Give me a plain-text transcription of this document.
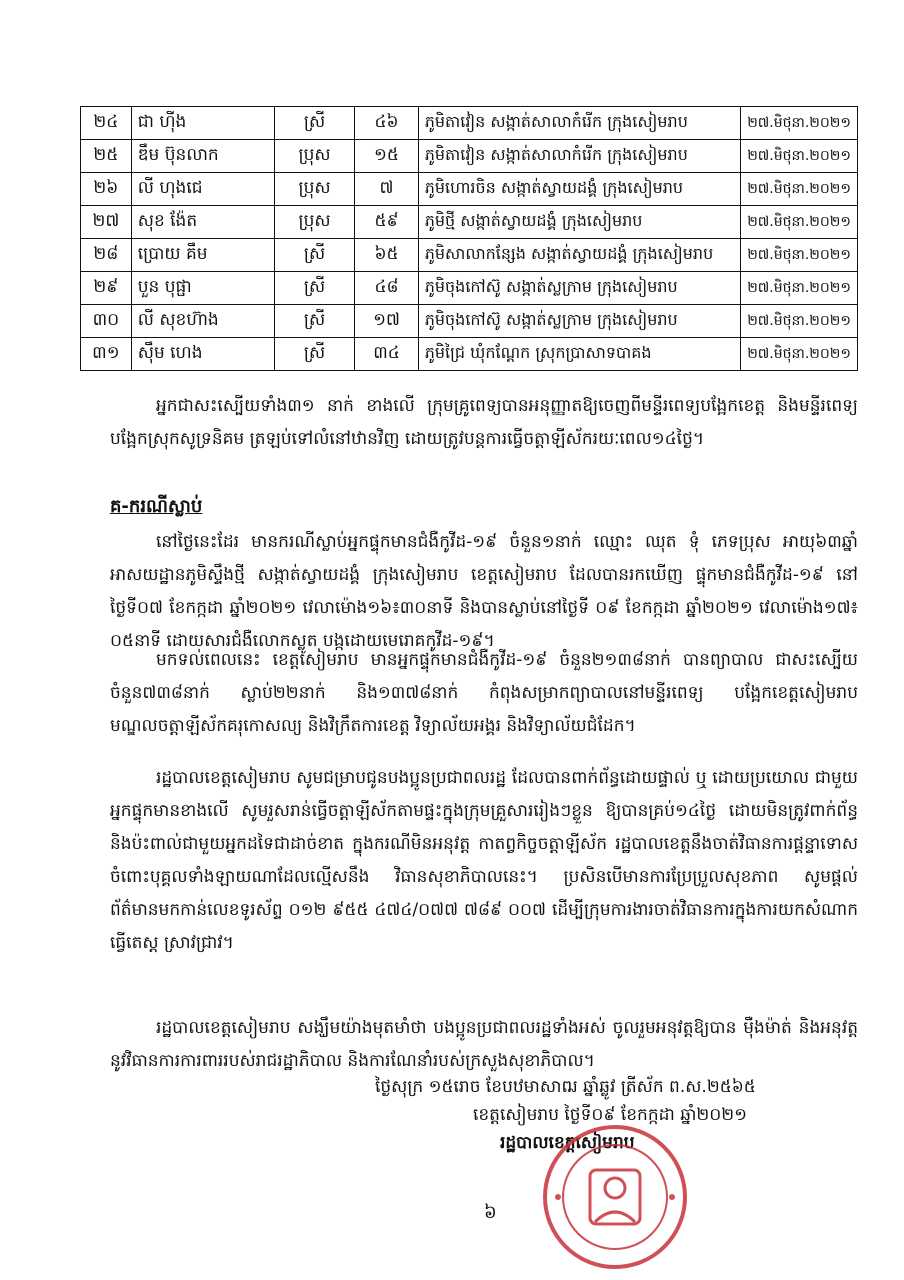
២៤	ជា ហ៊ីង	ស្រី	៤៦	ភូមិតាវៀន សង្កាត់សាលាកំរើក ក្រុងសៀមរាប	២៧.មិថុនា.២០២១
២៥	ឌឹម ប៊ុនលាក	ប្រុស	១៥	ភូមិតាវៀន សង្កាត់សាលាកំរើក ក្រុងសៀមរាប	២៧.មិថុនា.២០២១
២៦	លី ហុងជេ	ប្រុស	៧	ភូមិហោរចិន សង្កាត់ស្វាយដង្គំ ក្រុងសៀមរាប	២៧.មិថុនា.២០២១
២៧	សុខ ង៉ែត	ប្រុស	៥៩	ភូមិថ្មី សង្កាត់ស្វាយដង្គំ ក្រុងសៀមរាប	២៧.មិថុនា.២០២១
២៨	ប្រោយ គឹម	ស្រី	៦៥	ភូមិសាលាកន្សែង សង្កាត់ស្វាយដង្គំ ក្រុងសៀមរាប	២៧.មិថុនា.២០២១
២៩	បួន បុផ្ផា	ស្រី	៤៨	ភូមិចុងកៅស៊ូ សង្កាត់ស្លក្រាម ក្រុងសៀមរាប	២៧.មិថុនា.២០២១
៣០	លី សុខហ៊ាង	ស្រី	១៧	ភូមិចុងកៅស៊ូ សង្កាត់ស្លក្រាម ក្រុងសៀមរាប	២៧.មិថុនា.២០២១
៣១	ស៊ឹម ហេង	ស្រី	៣៤	ភូមិជ្រៃ ឃុំកណ្តែក ស្រុកប្រាសាទបាគង	២៧.មិថុនា.២០២១
អ្នកជាសះស្បើយទាំង៣១ នាក់ ខាងលើ ក្រុមគ្រូពេទ្យបានអនុញ្ញាតឱ្យចេញពីមន្ទីរពេទ្យបង្អែកខេត្ត និងមន្ទីរពេទ្យបង្អែកស្រុកសូទ្រនិគម ត្រឡប់ទៅលំនៅឋានវិញ ដោយត្រូវបន្តការធ្វើចត្តាឡីស័ករយៈពេល១៤ថ្ងៃ។
គ-ករណីស្លាប់
នៅថ្ងៃនេះដែរ មានករណីស្លាប់អ្នកផ្ទុកមានជំងឺកូវីដ-១៩ ចំនួន១នាក់ ឈ្មោះ ឈុត ទុំ ភេទប្រុស អាយុ៦៣ឆ្នាំ អាសយដ្ឋានភូមិស្ទឹងថ្មី សង្កាត់ស្វាយដង្គំ ក្រុងសៀមរាប ខេត្តសៀមរាប ដែលបានរកឃើញ ផ្ទុកមានជំងឺកូវីដ-១៩ នៅថ្ងៃទី០៧ ខែកក្កដា ឆ្នាំ២០២១ វេលាម៉ោង១៦៖៣០នាទី និងបានស្លាប់នៅថ្ងៃទី ០៩ ខែកក្កដា ឆ្នាំ២០២១ វេលាម៉ោង១៧៖០៥នាទី ដោយសារជំងឺលោកស្លូត បង្កដោយមេរោគកូវីដ-១៩។
មកទល់ពេលនេះ ខេត្តសៀមរាប មានអ្នកផ្ទុកមានជំងឺកូវីដ-១៩ ចំនួន២១៣៨នាក់ បានព្យាបាល ជាសះស្បើយចំនួន៧៣៨នាក់ ស្លាប់២២នាក់ និង១៣៧៨នាក់ កំពុងសម្រាកព្យាបាលនៅមន្ទីរពេទ្យ បង្អែកខេត្តសៀមរាប មណ្ឌលចត្តាឡីស័កគរុកោសល្យ និងវិក្រឹតការខេត្ត វិទ្យាល័យអង្គរ និងវិទ្យាល័យជំដែក។
រដ្ឋបាលខេត្តសៀមរាប សូមជម្រាបជូនបងប្អូនប្រជាពលរដ្ឋ ដែលបានពាក់ព័ន្ធដោយផ្ទាល់ ឬ ដោយប្រយោល ជាមួយអ្នកផ្ទុកមានខាងលើ សូមរួសរាន់ធ្វើចត្តាឡីស័កតាមផ្ទះក្នុងក្រុមគ្រួសាររៀងៗខ្លួន ឱ្យបានគ្រប់១៤ថ្ងៃ ដោយមិនត្រូវពាក់ព័ន្ធ និងប៉ះពាល់ជាមួយអ្នកដទៃជាដាច់ខាត ក្នុងករណីមិនអនុវត្ត កាតព្វកិច្ចចត្តាឡីស័ក រដ្ឋបាលខេត្តនឹងចាត់វិធានការផ្តន្ទាទោសចំពោះបុគ្គលទាំងឡាយណាដែលល្មើសនឹង វិធានសុខាភិបាលនេះ។ ប្រសិនបើមានការប្រែប្រួលសុខភាព សូមផ្តល់ព័ត៌មានមកកាន់លេខទូរស័ព្ទ ០១២ ៩៥៥ ៤៧៤/០៧៧ ៧៨៩ ០០៧ ដើម្បីក្រុមការងារចាត់វិធានការក្នុងការយកសំណាកធ្វើតេស្ត ស្រាវជ្រាវ។
រដ្ឋបាលខេត្តសៀមរាប សង្ឃឹមយ៉ាងមុតមាំថា បងប្អូនប្រជាពលរដ្ឋទាំងអស់ ចូលរួមអនុវត្តឱ្យបាន ម៉ឺងម៉ាត់ និងអនុវត្តនូវវិធានការការពាររបស់រាជរដ្ឋាភិបាល និងការណែនាំរបស់ក្រសួងសុខាភិបាល។
ថ្ងៃសុក្រ ១៥រោច ខែបឋមាសាឍ ឆ្នាំឆ្លូវ ត្រីស័ក ព.ស.២៥៦៥
ខេត្តសៀមរាប ថ្ងៃទី០៩ ខែកក្កដា ឆ្នាំ២០២១
រដ្ឋបាលខេត្តសៀមរាប
៦
